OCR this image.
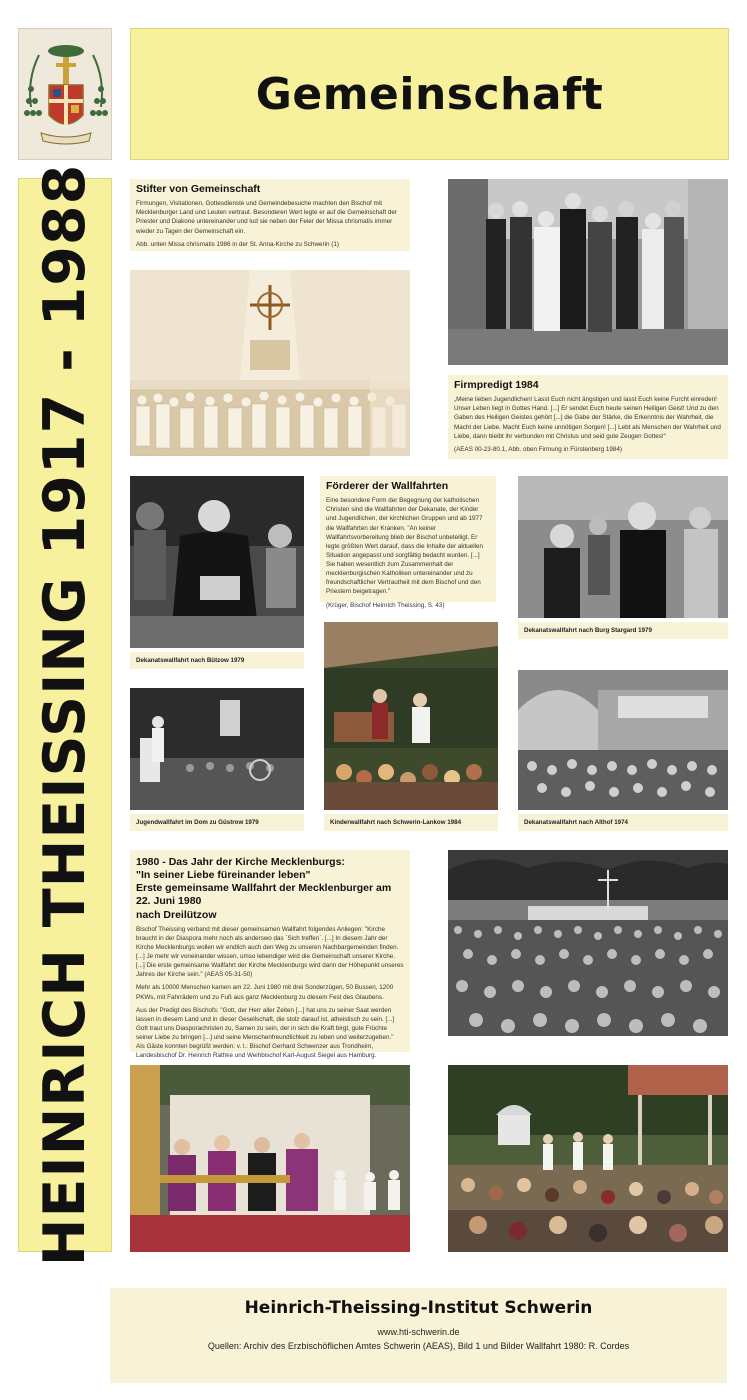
Gemeinschaft
HEINRICH THEISSING 1917 - 1988	Stifter von Gemeinschaft

Firmungen, Visitationen, Gottesdienste und Gemeindebesuche machten den Bischof mit Mecklenburger Land und Leuten vertraut. Besonderen Wert legte er auf die Gemeinschaft der Priester und Diakone untereinander und lud sie neben der Feier der Missa chrismatis immer wieder zu Tagen der Gemeinschaft ein.

Abb. unten Missa chrismatis 1986 in der St. Anna-Kirche zu Schwerin (1)

Firmpredigt 1984

„Meine lieben Jugendlichen! Lasst Euch nicht ängstigen und lasst Euch keine Furcht einreden! Unser Leben liegt in Gottes Hand. [...] Er sendet Euch heute seinen Heiligen Geist! Und zu den Gaben des Heiligen Geistes gehört [...] die Gabe der Stärke, die Erkenntnis der Wahrheit, die Macht der Liebe. Macht Euch keine unnötigen Sorgen! [...] Lebt als Menschen der Wahrheit und Liebe, dann bleibt ihr verbunden mit Christus und seid gute Zeugen Gottes!“

(AEAS 00-23-80.1, Abb. oben Firmung in Fürstenberg 1984)

Dekanatswallfahrt nach Bützow 1979
Förderer der Wallfahrten

Eine besondere Form der Begegnung der katholischen Christen sind die Wallfahrten der Dekanate, der Kinder und Jugendlichen, der kirchlichen Gruppen und ab 1977 die Wallfahrten der Kranken. "An keiner Wallfahrtsvorbereitung blieb der Bischof unbeteiligt. Er legte größten Wert darauf, dass die Inhalte der aktuellen Situation angepasst und sorgfältig bedacht wurden. [...] Sie haben wesentlich zum Zusammenhalt der mecklenburgischen Katholiken untereinander und zu freundschaftlicher Vertrautheit mit dem Bischof und den Priestern beigetragen."

(Krüger, Bischof Heinrich Theissing, S. 43)

Dekanatswallfahrt nach Burg Stargard 1979
Jugendwallfahrt im Dom zu Güstrow 1979	Kinderwallfahrt nach Schwerin-Lankow 1984	Dekanatswallfahrt nach Althof 1974
1980 - Das Jahr der Kirche Mecklenburgs:
"In seiner Liebe füreinander leben"
Erste gemeinsame Wallfahrt der Mecklenburger am 22. Juni 1980
nach Dreilützow

Bischof Theissing verband mit dieser gemeinsamen Wallfahrt folgendes Anliegen: "Kirche braucht in der Diaspora mehr noch als anderswo das `Sich treffen`. [...] In diesem Jahr der Kirche Mecklenburgs wollen wir endlich auch den Weg zu unseren Nachbargemeinden finden. [...] Je mehr wir voneinander wissen, umso lebendiger wird die Gemeinschaft unserer Kirche. [...] Die erste gemeinsame Wallfahrt der Kirche Mecklenburgs wird dann der Höhepunkt unseres Jahres der Kirche sein." (AEAS 05-31-50)

Mehr als 10000 Menschen kamen am 22. Juni 1980 mit drei Sonderzügen, 50 Bussen, 1200 PKWs, mit Fahrrädern und zu Fuß aus ganz Mecklenburg zu diesem Fest des Glaubens.

Aus der Predigt des Bischofs: "Gott, der Herr aller Zeiten [...] hat uns zu seiner Saat werden lassen in diesem Land und in dieser Gesellschaft, die stolz darauf ist, atheistisch zu sein. [...] Gott traut uns Diasporachristen zu, Samen zu sein, der in sich die Kraft birgt, gute Früchte seiner Liebe zu bringen [...] und seine Menschenfreundlichkeit zu leben und weiterzugeben."

Als Gäste konnten begrüßt werden: v. l.: Bischof Gerhard Schwenzer aus Trondheim, Landesbischof Dr. Heinrich Rathke und Weihbischof Karl-August Siegel aus Hamburg.

Heinrich-Theissing-Institut Schwerin
www.hti-schwerin.de
Quellen: Archiv des Erzbischöflichen Amtes Schwerin (AEAS), Bild 1 und Bilder Wallfahrt 1980: R. Cordes
